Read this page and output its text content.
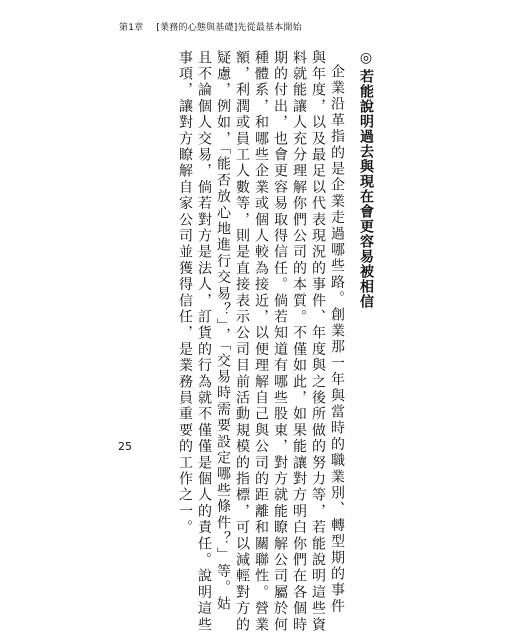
第1章 [業務的心態與基礎]先從最基本開始
◎若能說明過去與現在會更容易被相信
企業沿革指的是企業走過哪些路。創業那一年與當時的職業別、轉型期的事件
與年度，以及最足以代表現況的事件、年度與之後所做的努力等，若能說明這些資
料就能讓人充分理解你們公司的本質。不僅如此，如果能讓對方明白你們在各個時
期的付出，也會更容易取得信任。倘若知道有哪些股東，對方就能瞭解公司屬於何
種體系，和哪些企業或個人較為接近，以便理解自己與公司的距離和關聯性。營業
額，利潤或員工人數等，則是直接表示公司目前活動規模的指標，可以減輕對方的
疑慮，例如，「能否放心地進行交易？」，「交易時需要設定哪些條件？」等。姑
且不論個人交易，倘若對方是法人，訂貨的行為就不僅僅是個人的責任。說明這些
事項，讓對方瞭解自家公司並獲得信任，是業務員重要的工作之一。
25
